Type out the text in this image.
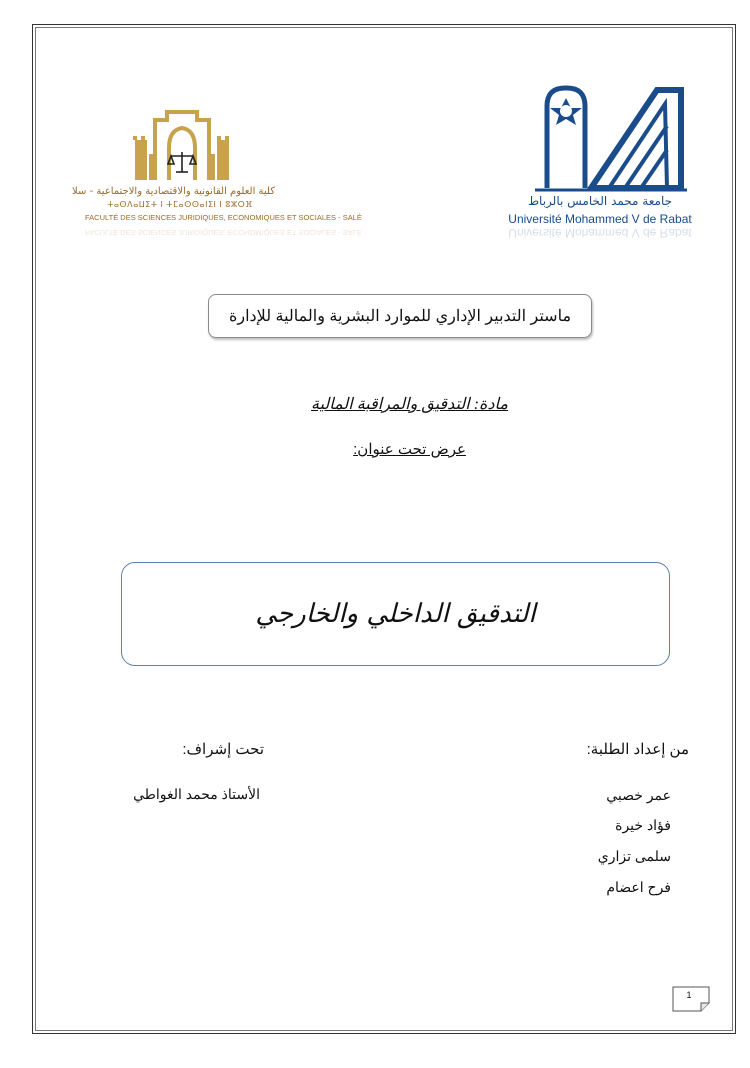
جامعة محمد الخامس بالرباط
Université Mohammed V de Rabat
Université Mohammed V de Rabat
كلية العلوم القانونية والاقتصادية والاجتماعية - سلا
ⵜⴰⵙⴷⴰⵡⵉⵜ ⵏ ⵜⵎⴰⵙⵙⴰⵏⵉⵏ ⵏ ⵓⵣⵔⴼ
FACULTÉ DES SCIENCES JURIDIQUES, ECONOMIQUES ET SOCIALES - SALÉ
FACULTÉ DES SCIENCES JURIDIQUES, ECONOMIQUES ET SOCIALES - SALÉ
ماستر التدبير الإداري للموارد البشرية والمالية للإدارة
مادة: التدقيق والمراقبة المالية
عرض تحت عنوان:
التدقيق الداخلي والخارجي
من إعداد الطلبة:
تحت إشراف:
الأستاذ محمد الغواطي	عمر خصبي
فؤاد خيرة
سلمى تزاري
فرح اعضام
1
